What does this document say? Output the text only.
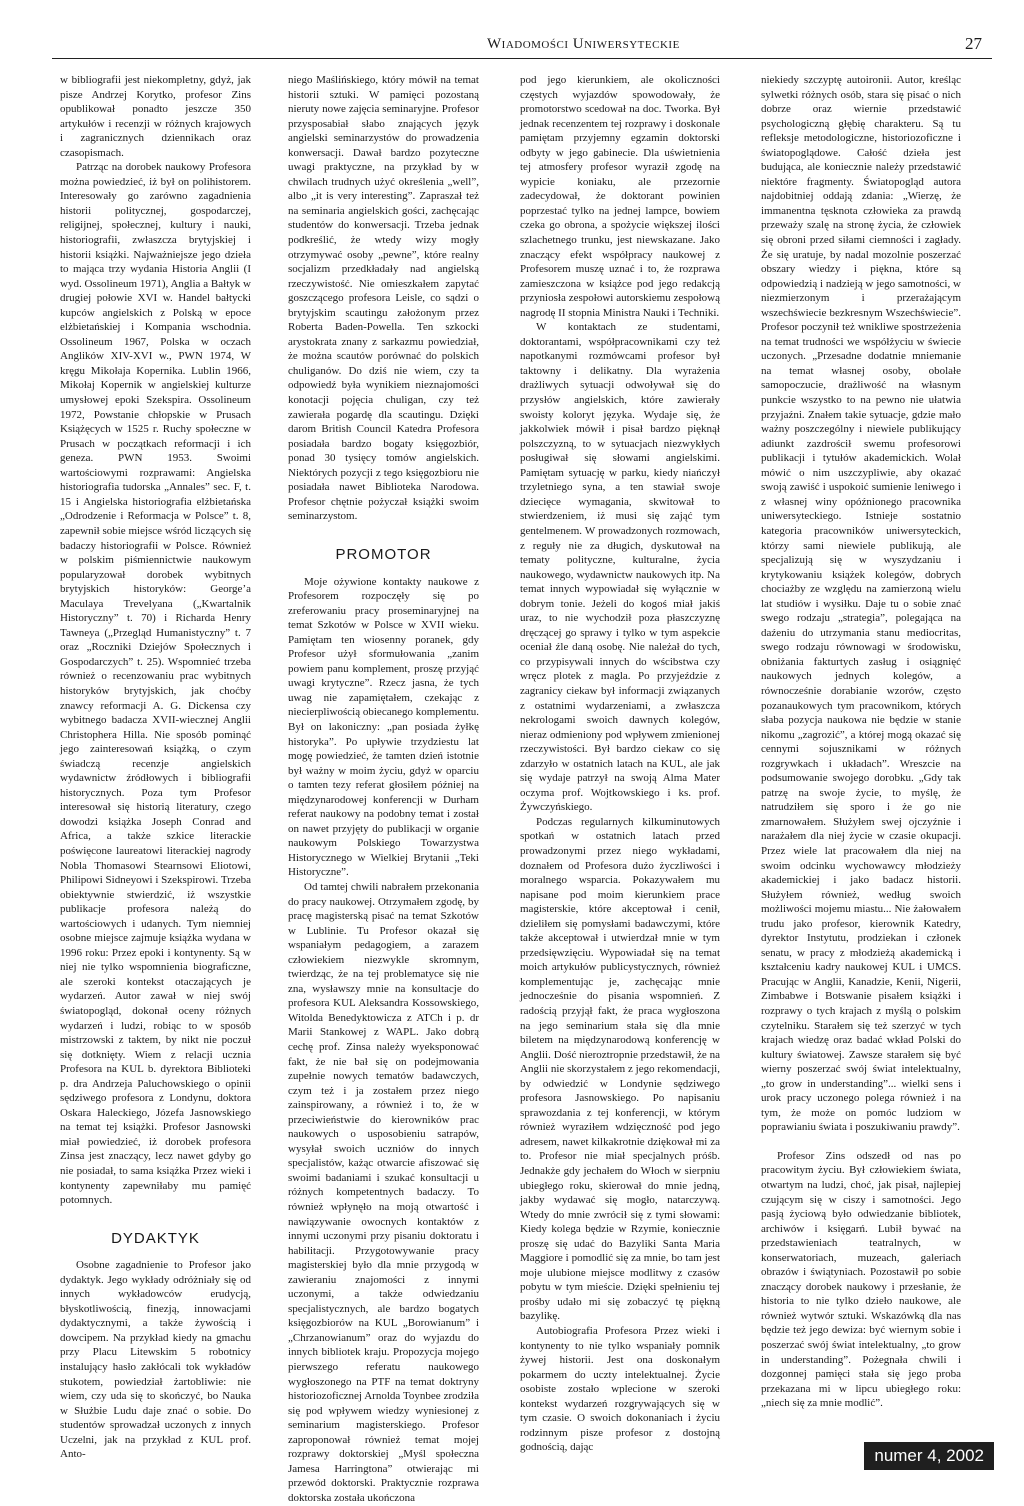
Wiadomości Uniwersyteckie	27

w bibliografii jest niekompletny, gdyż, jak pisze Andrzej Korytko, profesor Zins opublikował ponadto jeszcze 350 artykułów i recenzji w różnych krajowych i zagranicznych dziennikach oraz czasopismach.

Patrząc na dorobek naukowy Profesora można powiedzieć, iż był on polihistorem. Interesowały go zarówno zagadnienia historii politycznej, gospodarczej, religijnej, społecznej, kultury i nauki, historiografii, zwłaszcza brytyjskiej i historii książki. Najważniejsze jego dzieła to mająca trzy wydania Historia Anglii (I wyd. Ossolineum 1971), Anglia a Bałtyk w drugiej połowie XVI w. Handel bałtycki kupców angielskich z Polską w epoce elżbietańskiej i Kompania wschodnia. Ossolineum 1967, Polska w oczach Anglików XIV-XVI w., PWN 1974, W kręgu Mikołaja Kopernika. Lublin 1966, Mikołaj Kopernik w angielskiej kulturze umysłowej epoki Szekspira. Ossolineum 1972, Powstanie chłopskie w Prusach Książęcych w 1525 r. Ruchy społeczne w Prusach w początkach reformacji i ich geneza. PWN 1953. Swoimi wartościowymi rozprawami: Angielska historiografia tudorska „Annales” sec. F, t. 15 i Angielska historiografia elżbietańska „Odrodzenie i Reformacja w Polsce” t. 8, zapewnił sobie miejsce wśród liczących się badaczy historiografii w Polsce. Również w polskim piśmiennictwie naukowym popularyzował dorobek wybitnych brytyjskich historyków: George’a Maculaya Trevelyana („Kwartalnik Historyczny” t. 70) i Richarda Henry Tawneya („Przegląd Humanistyczny” t. 7 oraz „Roczniki Dziejów Społecznych i Gospodarczych” t. 25). Wspomnieć trzeba również o recenzowaniu prac wybitnych historyków brytyjskich, jak choćby znawcy reformacji A. G. Dickensa czy wybitnego badacza XVII-wiecznej Anglii Christophera Hilla. Nie sposób pominąć jego zainteresowań książką, o czym świadczą recenzje angielskich wydawnictw źródłowych i bibliografii historycznych. Poza tym Profesor interesował się historią literatury, czego dowodzi książka Joseph Conrad and Africa, a także szkice literackie poświęcone laureatowi literackiej nagrody Nobla Thomasowi Stearnsowi Eliotowi, Philipowi Sidneyowi i Szekspirowi. Trzeba obiektywnie stwierdzić, iż wszystkie publikacje profesora należą do wartościowych i udanych. Tym niemniej osobne miejsce zajmuje książka wydana w 1996 roku: Przez epoki i kontynenty. Są w niej nie tylko wspomnienia biograficzne, ale szeroki kontekst otaczających je wydarzeń. Autor zawał w niej swój światopogląd, dokonał oceny różnych wydarzeń i ludzi, robiąc to w sposób mistrzowski z taktem, by nikt nie poczuł się dotknięty. Wiem z relacji ucznia Profesora na KUL b. dyrektora Biblioteki p. dra Andrzeja Paluchowskiego o opinii sędziwego profesora z Londynu, doktora Oskara Haleckiego, Józefa Jasnowskiego na temat tej książki. Profesor Jasnowski miał powiedzieć, iż dorobek profesora Zinsa jest znaczący, lecz nawet gdyby go nie posiadał, to sama książka Przez wieki i kontynenty zapewniłaby mu pamięć potomnych.

DYDAKTYK

Osobne zagadnienie to Profesor jako dydaktyk. Jego wykłady odróżniały się od innych wykładowców erudycją, błyskotliwością, finezją, innowacjami dydaktycznymi, a także żywością i dowcipem. Na przykład kiedy na gmachu przy Placu Litewskim 5 robotnicy instalujący hasło zakłócali tok wykładów stukotem, powiedział żartobliwie: nie wiem, czy uda się to skończyć, bo Nauka w Służbie Ludu daje znać o sobie. Do studentów sprowadzał uczonych z innych Uczelni, jak na przykład z KUL prof. Anto-

niego Maślińskiego, który mówił na temat historii sztuki. W pamięci pozostaną nieruty nowe zajęcia seminaryjne. Profesor przysposabiał słabo znających język angielski seminarzystów do prowadzenia konwersacji. Dawał bardzo pozyteczne uwagi praktyczne, na przykład by w chwilach trudnych użyć określenia „well”, albo „it is very interesting”. Zapraszał też na seminaria angielskich gości, zachęcając studentów do konwersacji. Trzeba jednak podkreślić, że wtedy wizy mogły otrzymywać osoby „pewne”, które realny socjalizm przedkładały nad angielską rzeczywistość. Nie omieszkałem zapytać goszczącego profesora Leisle, co sądzi o brytyjskim scautingu założonym przez Roberta Baden-Powella. Ten szkocki arystokrata znany z sarkazmu powiedział, że można scautów porównać do polskich chuliganów. Do dziś nie wiem, czy ta odpowiedź była wynikiem nieznajomości konotacji pojęcia chuligan, czy też zawierała pogardę dla scautingu. Dzięki darom British Council Katedra Profesora posiadała bardzo bogaty księgozbiór, ponad 30 tysięcy tomów angielskich. Niektórych pozycji z tego księgozbioru nie posiadała nawet Biblioteka Narodowa. Profesor chętnie pożyczał książki swoim seminarzystom.

PROMOTOR

Moje ożywione kontakty naukowe z Profesorem rozpoczęły się po zreferowaniu pracy proseminaryjnej na temat Szkotów w Polsce w XVII wieku. Pamiętam ten wiosenny poranek, gdy Profesor użył sformułowania „zanim powiem panu komplement, proszę przyjąć uwagi krytyczne”. Rzecz jasna, że tych uwag nie zapamiętałem, czekając z niecierpliwością obiecanego komplementu. Był on lakoniczny: „pan posiada żyłkę historyka”. Po upływie trzydziestu lat mogę powiedzieć, że tamten dzień istotnie był ważny w moim życiu, gdyż w oparciu o tamten tezy referat głosiłem później na międzynarodowej konferencji w Durham referat naukowy na podobny temat i został on nawet przyjęty do publikacji w organie naukowym Polskiego Towarzystwa Historycznego w Wielkiej Brytanii „Teki Historyczne”.

Od tamtej chwili nabrałem przekonania do pracy naukowej. Otrzymałem zgodę, by pracę magisterską pisać na temat Szkotów w Lublinie. Tu Profesor okazał się wspaniałym pedagogiem, a zarazem człowiekiem niezwykle skromnym, twierdząc, że na tej problematyce się nie zna, wysławszy mnie na konsultacje do profesora KUL Aleksandra Kossowskiego, Witolda Benedyktowicza z ATCh i p. dr Marii Stankowej z WAPL. Jako dobrą cechę prof. Zinsa należy wyeksponować fakt, że nie bał się on podejmowania zupełnie nowych tematów badawczych, czym też i ja zostałem przez niego zainspirowany, a również i to, że w przeciwieństwie do kierowników prac naukowych o usposobieniu satrapów, wysyłał swoich uczniów do innych specjalistów, każąc otwarcie afiszować się swoimi badaniami i szukać konsultacji u różnych kompetentnych badaczy. To również wpłynęło na moją otwartość i nawiązywanie owocnych kontaktów z innymi uczonymi przy pisaniu doktoratu i habilitacji. Przygotowywanie pracy magisterskiej było dla mnie przygodą w zawieraniu znajomości z innymi uczonymi, a także odwiedzaniu specjalistycznych, ale bardzo bogatych księgozbiorów na KUL „Borowianum” i „Chrzanowianum” oraz do wyjazdu do innych bibliotek kraju. Propozycja mojego pierwszego referatu naukowego wygłoszonego na PTF na temat doktryny historiozoficznej Arnolda Toynbee zrodziła się pod wpływem wiedzy wyniesionej z seminarium magisterskiego. Profesor zaproponował również temat mojej rozprawy doktorskiej „Myśl społeczna Jamesa Harringtona” otwierając mi przewód doktorski. Praktycznie rozprawa doktorska została ukończona

pod jego kierunkiem, ale okoliczności częstych wyjazdów spowodowały, że promotorstwo scedował na doc. Tworka. Był jednak recenzentem tej rozprawy i doskonale pamiętam przyjemny egzamin doktorski odbyty w jego gabinecie. Dla uświetnienia tej atmosfery profesor wyraził zgodę na wypicie koniaku, ale przezornie zadecydował, że doktorant powinien poprzestać tylko na jednej lampce, bowiem czeka go obrona, a spożycie większej ilości szlachetnego trunku, jest niewskazane. Jako znaczący efekt współpracy naukowej z Profesorem muszę uznać i to, że rozprawa zamieszczona w książce pod jego redakcją przyniosła zespołowi autorskiemu zespołową nagrodę II stopnia Ministra Nauki i Techniki.

W kontaktach ze studentami, doktorantami, współpracownikami czy też napotkanymi rozmówcami profesor był taktowny i delikatny. Dla wyrażenia drażliwych sytuacji odwoływał się do przysłów angielskich, które zawierały swoisty koloryt języka. Wydaje się, że jakkolwiek mówił i pisał bardzo pięknął polszczyzną, to w sytuacjach niezwykłych posługiwał się słowami angielskimi. Pamiętam sytuację w parku, kiedy niańczył trzyletniego syna, a ten stawiał swoje dziecięce wymagania, skwitował to stwierdzeniem, iż musi się zająć tym gentelmenem. W prowadzonych rozmowach, z reguły nie za długich, dyskutował na tematy polityczne, kulturalne, życia naukowego, wydawnictw naukowych itp. Na temat innych wypowiadał się wyłącznie w dobrym tonie. Jeżeli do kogoś miał jakiś uraz, to nie wychodził poza płaszczyznę dręczącej go sprawy i tylko w tym aspekcie oceniał źle daną osobę. Nie należał do tych, co przypisywali innych do wścibstwa czy wręcz plotek z magla. Po przyjeździe z zagranicy ciekaw był informacji związanych z ostatnimi wydarzeniami, a zwłaszcza nekrologami swoich dawnych kolegów, nieraz odmieniony pod wpływem zmienionej rzeczywistości. Był bardzo ciekaw co się zdarzyło w ostatnich latach na KUL, ale jak się wydaje patrzył na swoją Alma Mater oczyma prof. Wojtkowskiego i ks. prof. Żywczyńskiego.

Podczas regularnych kilkuminutowych spotkań w ostatnich latach przed prowadzonymi przez niego wykładami, doznałem od Profesora dużo życzliwości i moralnego wsparcia. Pokazywałem mu napisane pod moim kierunkiem prace magisterskie, które akceptował i cenił, dzieliłem się pomysłami badawczymi, które także akceptował i utwierdzał mnie w tym przedsięwzięciu. Wypowiadał się na temat moich artykułów publicystycznych, również komplementując je, zachęcając mnie jednocześnie do pisania wspomnień. Z radością przyjął fakt, że praca wygłoszona na jego seminarium stała się dla mnie biletem na międzynarodową konferencję w Anglii. Dość nieroztropnie przedstawił, że na Anglii nie skorzystałem z jego rekomendacji, by odwiedzić w Londynie sędziwego profesora Jasnowskiego. Po napisaniu sprawozdania z tej konferencji, w którym również wyraziłem wdzięczność pod jego adresem, nawet kilkakrotnie dziękował mi za to. Profesor nie miał specjalnych próśb. Jednakże gdy jechałem do Włoch w sierpniu ubiegłego roku, skierował do mnie jedną, jakby wydawać się mogło, natarczywą. Wtedy do mnie zwrócił się z tymi słowami: Kiedy kolega będzie w Rzymie, koniecznie proszę się udać do Bazyliki Santa Maria Maggiore i pomodlić się za mnie, bo tam jest moje ulubione miejsce modlitwy z czasów pobytu w tym mieście. Dzięki spełnieniu tej prośby udało mi się zobaczyć tę piękną bazylikę.

Autobiografia Profesora Przez wieki i kontynenty to nie tylko wspaniały pomnik żywej historii. Jest ona doskonałym pokarmem do uczty intelektualnej. Życie osobiste zostało wplecione w szeroki kontekst wydarzeń rozgrywających się w tym czasie. O swoich dokonaniach i życiu rodzinnym pisze profesor z dostojną godnością, dając

niekiedy szczyptę autoironii. Autor, kreśląc sylwetki różnych osób, stara się pisać o nich dobrze oraz wiernie przedstawić psychologiczną głębię charakteru. Są tu refleksje metodologiczne, historiozoficzne i światopoglądowe. Całość dzieła jest budująca, ale koniecznie należy przedstawić niektóre fragmenty. Światopogląd autora najdobitniej oddają zdania: „Wierzę, że immanentna tęsknota człowieka za prawdą przeważy szalę na stronę życia, że człowiek się obroni przed siłami ciemności i zagłady. Że się uratuje, by nadal mozolnie poszerzać obszary wiedzy i piękna, które są odpowiedzią i nadzieją w jego samotności, w niezmierzonym i przerażającym wszechświecie bezkresnym Wszechświecie”. Profesor poczynił też wnikliwe spostrzeżenia na temat trudności we współżyciu w świecie uczonych. „Przesadne dodatnie mniemanie na temat własnej osoby, obolałe samopoczucie, drażliwość na własnym punkcie wszystko to na pewno nie ułatwia przyjaźni. Znałem takie sytuacje, gdzie mało ważny poszczególny i niewiele publikujący adiunkt zazdrościł swemu profesorowi publikacji i tytułów akademickich. Wolał mówić o nim uszczypliwie, aby okazać swoją zawiść i uspokoić sumienie leniwego i z własnej winy opóźnionego pracownika uniwersyteckiego. Istnieje sostatnio kategoria pracowników uniwersyteckich, którzy sami niewiele publikują, ale specjalizują się w wyszydzaniu i krytykowaniu książek kolegów, dobrych chociażby ze względu na zamierzoną wielu lat studiów i wysiłku. Daje tu o sobie znać swego rodzaju „strategia”, polegająca na daźeniu do utrzymania stanu mediocritas, swego rodzaju równowagi w środowisku, obniżania fakturtych zasług i osiągnięć naukowych jednych kolegów, a równocześnie dorabianie wzorów, często pozanaukowych tym pracownikom, których słaba pozycja naukowa nie będzie w stanie nikomu „zagrozić”, a której mogą okazać się cennymi sojusznikami w różnych rozgrywkach i układach”. Wreszcie na podsumowanie swojego dorobku. „Gdy tak patrzę na swoje życie, to myślę, że natrudziłem się sporo i że go nie zmarnowałem. Służyłem swej ojczyźnie i narażałem dla niej życie w czasie okupacji. Przez wiele lat pracowałem dla niej na swoim odcinku wychowawcy młodzieży akademickiej i jako badacz historii. Służyłem również, według swoich możliwości mojemu miastu... Nie żałowałem trudu jako profesor, kierownik Katedry, dyrektor Instytutu, prodziekan i członek senatu, w pracy z młodzieżą akademicką i kształceniu kadry naukowej KUL i UMCS. Pracując w Anglii, Kanadzie, Kenii, Nigerii, Zimbabwe i Botswanie pisałem książki i rozprawy o tych krajach z myślą o polskim czytelniku. Starałem się też szerzyć w tych krajach wiedzę oraz badać wkład Polski do kultury światowej. Zawsze starałem się być wierny poszerzać swój świat intelektualny, „to grow in understanding”... wielki sens i urok pracy uczonego polega również i na tym, że może on pomóc ludziom w poprawianiu świata i poszukiwaniu prawdy”.

Profesor Zins odszedł od nas po pracowitym życiu. Był człowiekiem świata, otwartym na ludzi, choć, jak pisał, najlepiej czującym się w ciszy i samotności. Jego pasją życiową było odwiedzanie bibliotek, archiwów i księgarń. Lubił bywać na przedstawieniach teatralnych, w konserwatoriach, muzeach, galeriach obrazów i świątyniach. Pozostawił po sobie znaczący dorobek naukowy i przesłanie, że historia to nie tylko dzieło naukowe, ale również wytwór sztuki. Wskazówką dla nas będzie też jego dewiza: być wiernym sobie i poszerzać swój świat intelektualny, „to grow in understanding”. Pożegnała chwili i dozgonnej pamięci stała się jego proba przekazana mi w lipcu ubiegłego roku: „niech się za mnie modlić”.

numer 4, 2002
